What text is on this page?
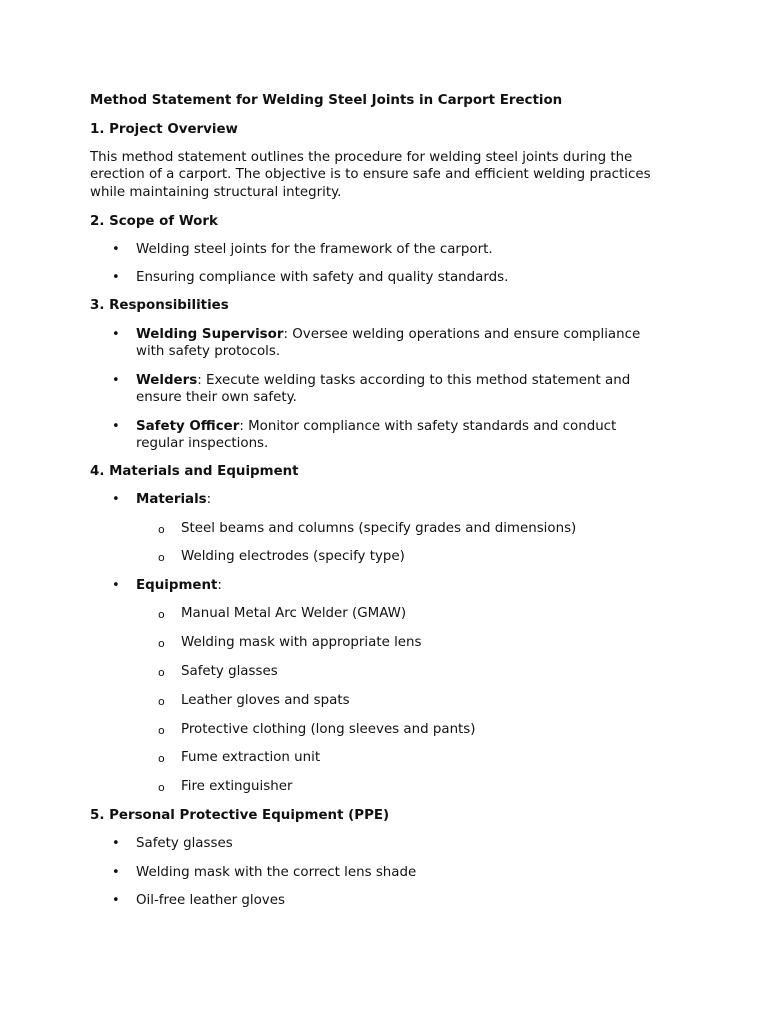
Method Statement for Welding Steel Joints in Carport Erection
1. Project Overview
This method statement outlines the procedure for welding steel joints during the
erection of a carport. The objective is to ensure safe and efficient welding practices
while maintaining structural integrity.
2. Scope of Work
• Welding steel joints for the framework of the carport.
• Ensuring compliance with safety and quality standards.
3. Responsibilities
• Welding Supervisor: Oversee welding operations and ensure compliance
with safety protocols.
• Welders: Execute welding tasks according to this method statement and
ensure their own safety.
• Safety Officer: Monitor compliance with safety standards and conduct
regular inspections.
4. Materials and Equipment
• Materials:
o Steel beams and columns (specify grades and dimensions)
o Welding electrodes (specify type)
• Equipment:
o Manual Metal Arc Welder (GMAW)
o Welding mask with appropriate lens
o Safety glasses
o Leather gloves and spats
o Protective clothing (long sleeves and pants)
o Fume extraction unit
o Fire extinguisher
5. Personal Protective Equipment (PPE)
• Safety glasses
• Welding mask with the correct lens shade
• Oil-free leather gloves
